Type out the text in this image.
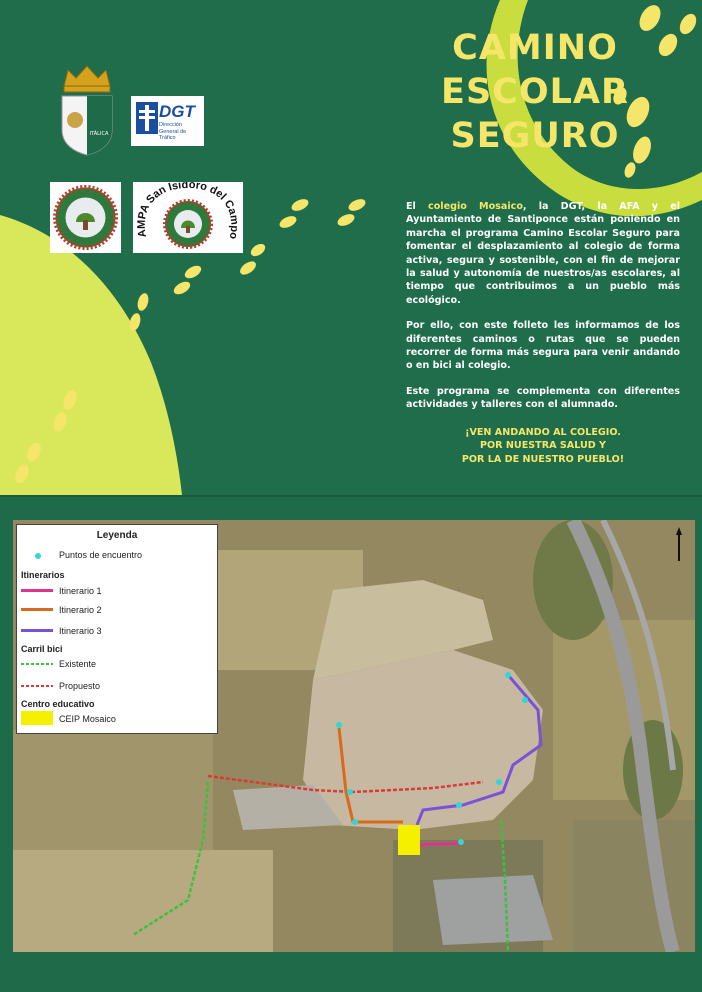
ITÁLICA
DGT
Dirección General de Tráfico
AMPA San Isidoro del Campo
CAMINO
ESCOLAR
SEGURO

El colegio Mosaico, la DGT, la AFA y el Ayuntamiento de Santiponce están poniendo en marcha el programa Camino Escolar Seguro para fomentar el desplazamiento al colegio de forma activa, segura y sostenible, con el fin de mejorar la salud y autonomía de nuestros/as escolares, al tiempo que contribuimos a un pueblo más ecológico.

Por ello, con este folleto les informamos de los diferentes caminos o rutas que se pueden recorrer de forma más segura para venir andando o en bici al colegio.

Este programa se complementa con diferentes actividades y talleres con el alumnado.

¡VEN ANDANDO AL COLEGIO.
POR NUESTRA SALUD Y
POR LA DE NUESTRO PUEBLO!
Leyenda
Puntos de encuentro
Itinerarios
Itinerario 1
Itinerario 2
Itinerario 3
Carril bici
Existente
Propuesto
Centro educativo
CEIP Mosaico
